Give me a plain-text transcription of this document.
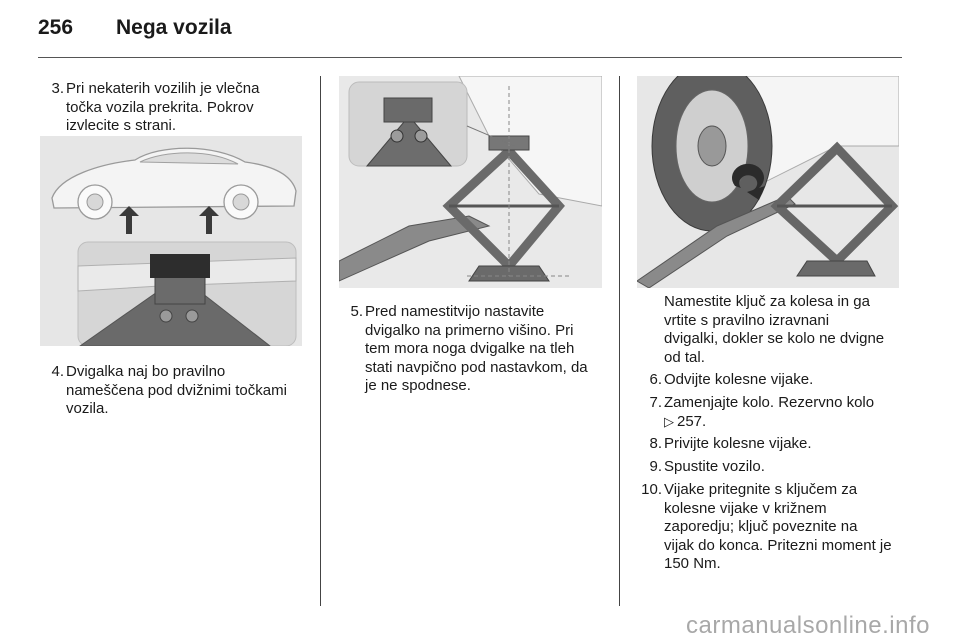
256 Nega vozila
3. Pri nekaterih vozilih je vlečna
točka vozila prekrita. Pokrov
izvlecite s strani.
4. Dvigalka naj bo pravilno
nameščena pod dvižnimi točkami
vozila.
5. Pred namestitvijo nastavite
dvigalko na primerno višino. Pri
tem mora noga dvigalke na tleh
stati navpično pod nastavkom, da
je ne spodnese.
Namestite ključ za kolesa in ga
vrtite s pravilno izravnani
dvigalki, dokler se kolo ne dvigne
od tal.
6. Odvijte kolesne vijake.
7. Zamenjajte kolo. Rezervno kolo
▷ 257.
8. Privijte kolesne vijake.
9. Spustite vozilo.
10. Vijake pritegnite s ključem za
kolesne vijake v križnem
zaporedju; ključ poveznite na
vijak do konca. Pritezni moment je
150 Nm.
carmanualsonline.info
